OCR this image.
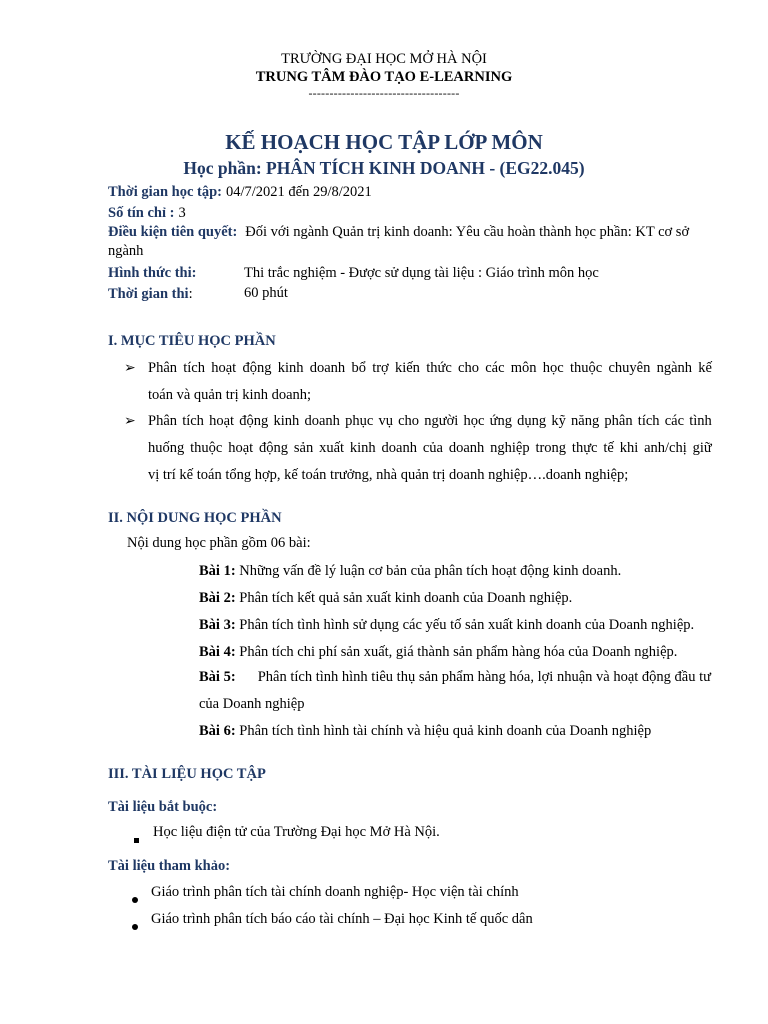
TRƯỜNG ĐẠI HỌC MỞ HÀ NỘI
TRUNG TÂM ĐÀO TẠO E-LEARNING
------------------------------------
KẾ HOẠCH HỌC TẬP LỚP MÔN
Học phần: PHÂN TÍCH KINH DOANH - (EG22.045)
Thời gian học tập: 04/7/2021 đến 29/8/2021
Số tín chỉ : 3
Điều kiện tiên quyết: Đối với ngành Quản trị kinh doanh: Yêu cầu hoàn thành học phần: KT cơ sở
ngành
Hình thức thi:	Thi trắc nghiệm - Được sử dụng tài liệu : Giáo trình môn học
Thời gian thi:	60 phút
I. MỤC TIÊU HỌC PHẦN
➢ Phân tích hoạt động kinh doanh bổ trợ kiến thức cho các môn học thuộc chuyên ngành kế
toán và quản trị kinh doanh;
➢ Phân tích hoạt động kinh doanh phục vụ cho người học ứng dụng kỹ năng phân tích các tình
huống thuộc hoạt động sản xuất kinh doanh của doanh nghiệp trong thực tế khi anh/chị giữ
vị trí kế toán tổng hợp, kế toán trưởng, nhà quản trị doanh nghiệp….doanh nghiệp;
II. NỘI DUNG HỌC PHẦN
Nội dung học phần gồm 06 bài:
Bài 1: Những vấn đề lý luận cơ bản của phân tích hoạt động kinh doanh.
Bài 2: Phân tích kết quả sản xuất kinh doanh của Doanh nghiệp.
Bài 3: Phân tích tình hình sử dụng các yếu tố sản xuất kinh doanh của Doanh nghiệp.
Bài 4: Phân tích chi phí sản xuất, giá thành sản phẩm hàng hóa của Doanh nghiệp.
Bài 5: Phân tích tình hình tiêu thụ sản phẩm hàng hóa, lợi nhuận và hoạt động đầu tư
của Doanh nghiệp
Bài 6: Phân tích tình hình tài chính và hiệu quả kinh doanh của Doanh nghiệp
III. TÀI LIỆU HỌC TẬP
Tài liệu bắt buộc:
Học liệu điện tử của Trường Đại học Mở Hà Nội.
Tài liệu tham khảo:
Giáo trình phân tích tài chính doanh nghiệp- Học viện tài chính
Giáo trình phân tích báo cáo tài chính – Đại học Kinh tế quốc dân
